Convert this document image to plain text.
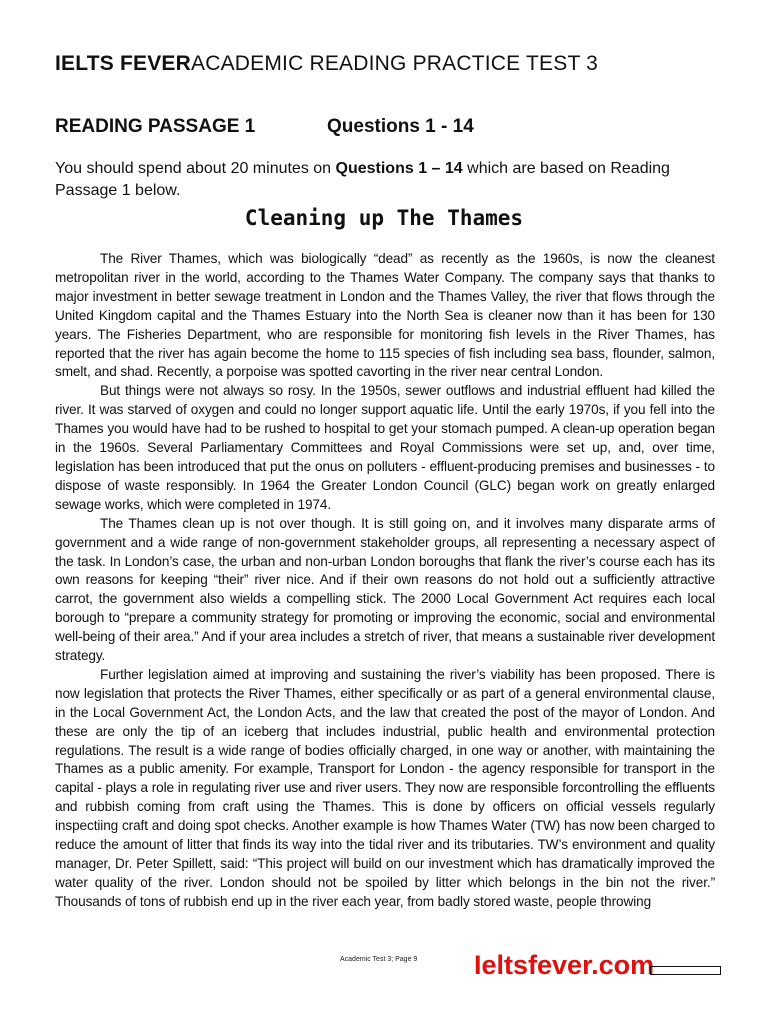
IELTS FEVERACADEMIC READING PRACTICE TEST 3
READING PASSAGE 1	Questions 1 - 14

You should spend about 20 minutes on Questions 1 – 14 which are based on Reading Passage 1 below.

Cleaning up The Thames

The River Thames, which was biologically “dead” as recently as the 1960s, is now the cleanest metropolitan river in the world, according to the Thames Water Company. The company says that thanks to major investment in better sewage treatment in London and the Thames Valley, the river that flows through the United Kingdom capital and the Thames Estuary into the North Sea is cleaner now than it has been for 130 years. The Fisheries Department, who are responsible for monitoring fish levels in the River Thames, has reported that the river has again become the home to 115 species of fish including sea bass, flounder, salmon, smelt, and shad. Recently, a porpoise was spotted cavorting in the river near central London.

But things were not always so rosy. In the 1950s, sewer outflows and industrial effluent had killed the river. It was starved of oxygen and could no longer support aquatic life. Until the early 1970s, if you fell into the Thames you would have had to be rushed to hospital to get your stomach pumped. A clean-up operation began in the 1960s. Several Parliamentary Committees and Royal Commissions were set up, and, over time, legislation has been introduced that put the onus on polluters - effluent-producing premises and businesses - to dispose of waste responsibly. In 1964 the Greater London Council (GLC) began work on greatly enlarged sewage works, which were completed in 1974.

The Thames clean up is not over though. It is still going on, and it involves many disparate arms of government and a wide range of non-government stakeholder groups, all representing a necessary aspect of the task. In London’s case, the urban and non-urban London boroughs that flank the river’s course each has its own reasons for keeping “their” river nice. And if their own reasons do not hold out a sufficiently attractive carrot, the government also wields a compelling stick. The 2000 Local Government Act requires each local borough to “prepare a community strategy for promoting or improving the economic, social and environmental well-being of their area.” And if your area includes a stretch of river, that means a sustainable river development strategy.

Further legislation aimed at improving and sustaining the river’s viability has been proposed. There is now legislation that protects the River Thames, either specifically or as part of a general environmental clause, in the Local Government Act, the London Acts, and the law that created the post of the mayor of London. And these are only the tip of an iceberg that includes industrial, public health and environmental protection regulations. The result is a wide range of bodies officially charged, in one way or another, with maintaining the Thames as a public amenity. For example, Transport for London - the agency responsible for transport in the capital - plays a role in regulating river use and river users. They now are responsible forcontrolling the effluents and rubbish coming from craft using the Thames. This is done by officers on official vessels regularly inspectiing craft and doing spot checks. Another example is how Thames Water (TW) has now been charged to reduce the amount of litter that finds its way into the tidal river and its tributaries. TW’s environment and quality manager, Dr. Peter Spillett, said: “This project will build on our investment which has dramatically improved the water quality of the river. London should not be spoiled by litter which belongs in the bin not the river.” Thousands of tons of rubbish end up in the river each year, from badly stored waste, people throwing

Academic Test 3; Page 9 Ieltsfever.com
